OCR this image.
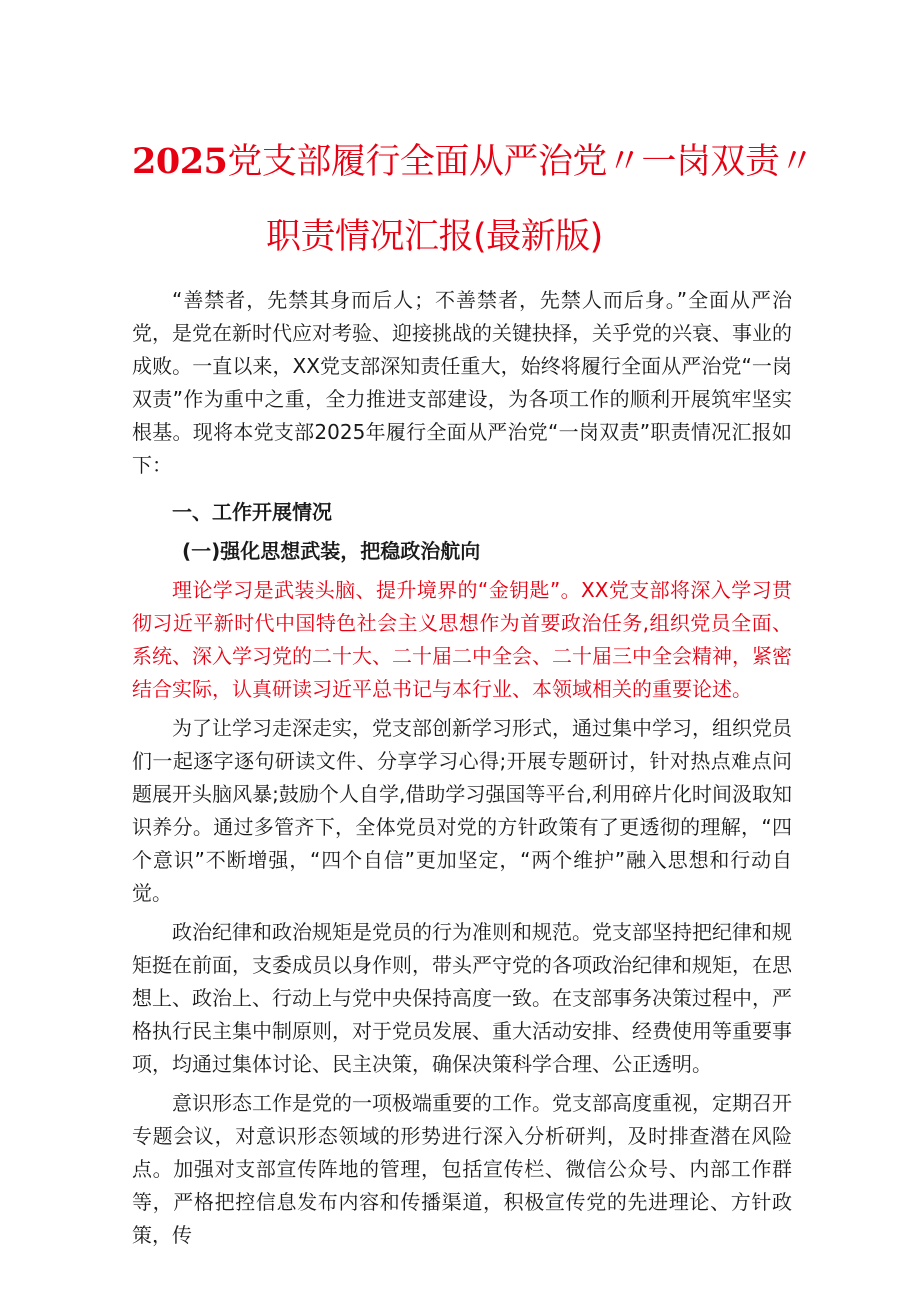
2025党支部履行全面从严治党〃一岗双责〃
职责情况汇报(最新版)

“善禁者，先禁其身而后人；不善禁者，先禁人而后身。”全面从严治党，是党在新时代应对考验、迎接挑战的关键抉择，关乎党的兴衰、事业的成败。一直以来，XX党支部深知责任重大，始终将履行全面从严治党“一岗双责”作为重中之重，全力推进支部建设，为各项工作的顺利开展筑牢坚实根基。现将本党支部2025年履行全面从严治党“一岗双责”职责情况汇报如下：

一、工作开展情况
(一)强化思想武装，把稳政治航向

理论学习是武装头脑、提升境界的“金钥匙”。XX党支部将深入学习贯彻习近平新时代中国特色社会主义思想作为首要政治任务,组织党员全面、系统、深入学习党的二十大、二十届二中全会、二十届三中全会精神，紧密结合实际，认真研读习近平总书记与本行业、本领域相关的重要论述。

为了让学习走深走实，党支部创新学习形式，通过集中学习，组织党员们一起逐字逐句研读文件、分享学习心得;开展专题研讨，针对热点难点问题展开头脑风暴;鼓励个人自学,借助学习强国等平台,利用碎片化时间汲取知识养分。通过多管齐下，全体党员对党的方针政策有了更透彻的理解，“四个意识”不断增强，“四个自信”更加坚定，“两个维护”融入思想和行动自觉。

政治纪律和政治规矩是党员的行为准则和规范。党支部坚持把纪律和规矩挺在前面，支委成员以身作则，带头严守党的各项政治纪律和规矩，在思想上、政治上、行动上与党中央保持高度一致。在支部事务决策过程中，严格执行民主集中制原则，对于党员发展、重大活动安排、经费使用等重要事项，均通过集体讨论、民主决策，确保决策科学合理、公正透明。

意识形态工作是党的一项极端重要的工作。党支部高度重视，定期召开专题会议，对意识形态领域的形势进行深入分析研判，及时排查潜在风险点。加强对支部宣传阵地的管理，包括宣传栏、微信公众号、内部工作群等，严格把控信息发布内容和传播渠道，积极宣传党的先进理论、方针政策，传
